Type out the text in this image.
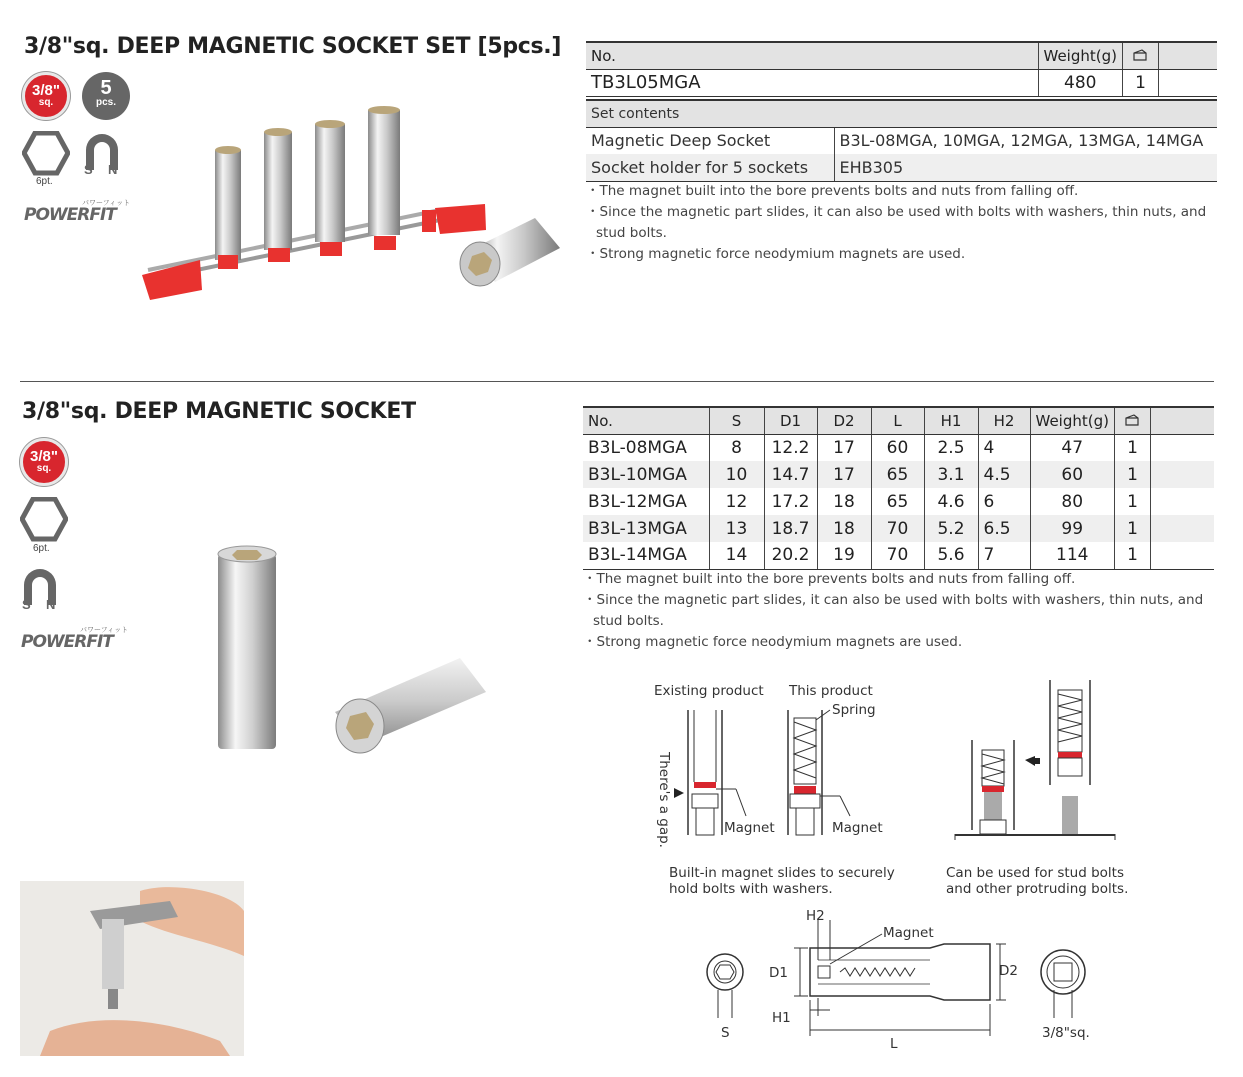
3/8"sq. DEEP MAGNETIC SOCKET SET [5pcs.]
3/8"
sq.
5
pcs.
6pt.
S N
POWERFIT
パワーフィット
No.	Weight(g)		
TB3L05MGA	480	1	
Set contents	
Magnetic Deep Socket	B3L-08MGA, 10MGA, 12MGA, 13MGA, 14MGA
Socket holder for 5 sockets	EHB305
・The magnet built into the bore prevents bolts and nuts from falling off.
・Since the magnetic part slides, it can also be used with bolts with washers, thin nuts, and stud bolts.
・Strong magnetic force neodymium magnets are used.
3/8"sq. DEEP MAGNETIC SOCKET
3/8"
sq.
6pt.
S N
POWERFIT
パワーフィット
No.	S	D1	D2	L	H1	H2	Weight(g)		
B3L-08MGA	8	12.2	17	60	2.5	4	47	1	
B3L-10MGA	10	14.7	17	65	3.1	4.5	60	1	
B3L-12MGA	12	17.2	18	65	4.6	6	80	1	
B3L-13MGA	13	18.7	18	70	5.2	6.5	99	1	
B3L-14MGA	14	20.2	19	70	5.6	7	114	1	
・The magnet built into the bore prevents bolts and nuts from falling off.
・Since the magnetic part slides, it can also be used with bolts with washers, thin nuts, and stud bolts.
・Strong magnetic force neodymium magnets are used.
Existing product This product
Spring
There's a gap.	Magnet	Magnet
Built-in magnet slides to securely hold bolts with washers.
Can be used for stud bolts and other protruding bolts.
H2
Magnet
D1	D2
H1
S
L
3/8"sq.
